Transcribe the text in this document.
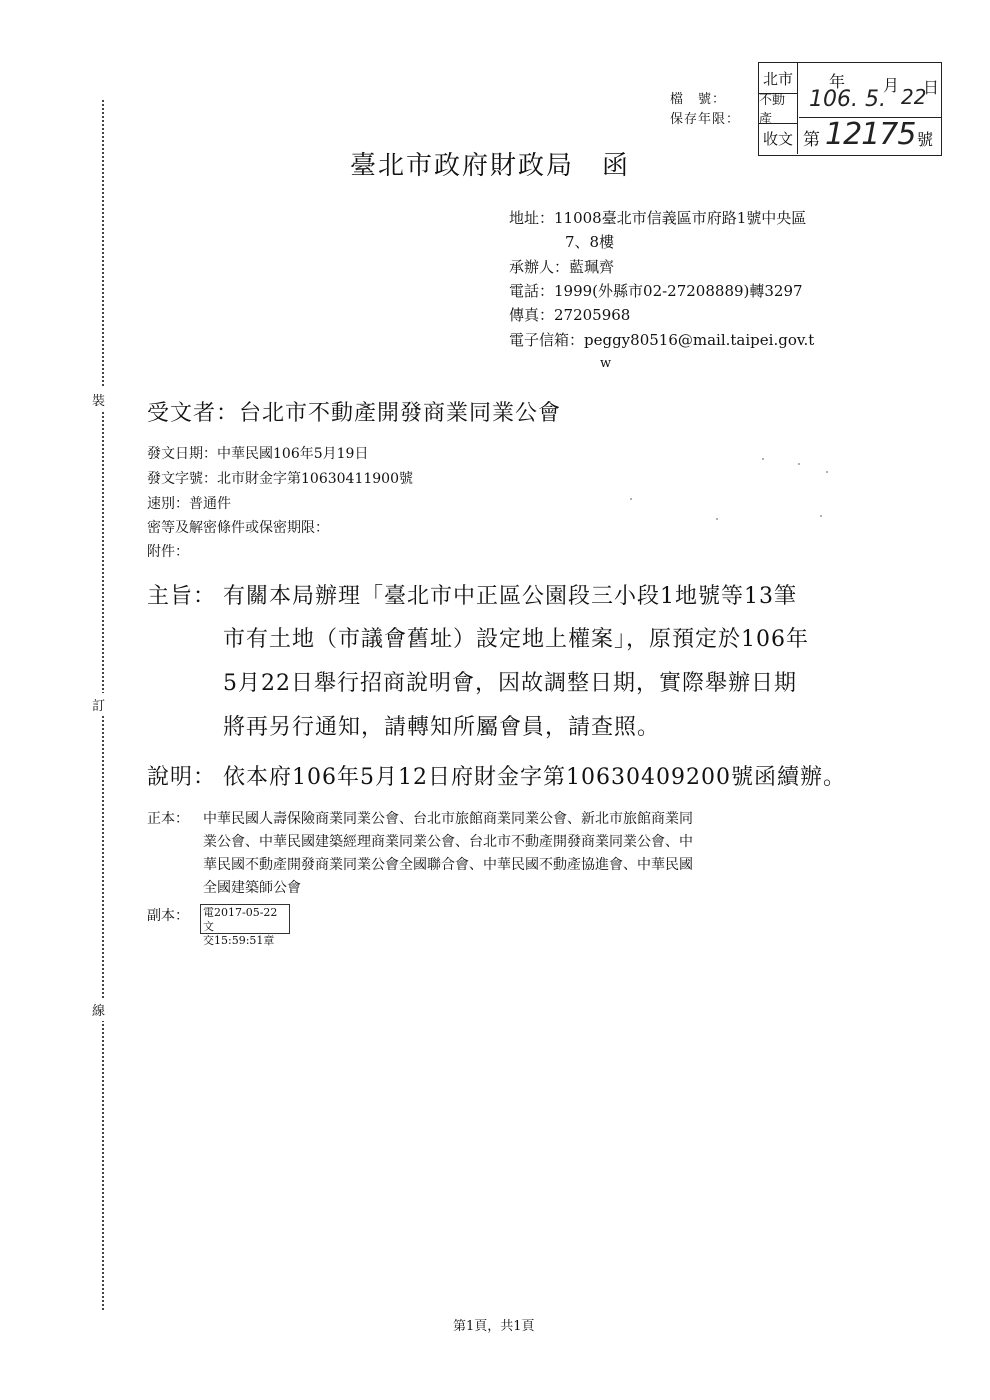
裝
訂
線
檔　號：
保存年限：
北市
不動產
收文
106.
年
5.
月 22
日
第 12175 號
臺北市政府財政局　函
地址：11008臺北市信義區市府路1號中央區
7、8樓
承辦人：藍珮齊
電話：1999(外縣市02-27208889)轉3297
傳真：27205968
電子信箱：peggy80516@mail.taipei.gov.t
w
受文者：台北市不動產開發商業同業公會
發文日期：中華民國106年5月19日
發文字號：北市財金字第10630411900號
速別：普通件
密等及解密條件或保密期限：
附件：
主旨： 有關本局辦理「臺北市中正區公園段三小段1地號等13筆
市有土地（市議會舊址）設定地上權案」，原預定於106年
5月22日舉行招商說明會，因故調整日期，實際舉辦日期
將再另行通知，請轉知所屬會員，請查照。
說明： 依本府106年5月12日府財金字第10630409200號函續辦。
正本： 中華民國人壽保險商業同業公會、台北市旅館商業同業公會、新北市旅館商業同
業公會、中華民國建築經理商業同業公會、台北市不動產開發商業同業公會、中
華民國不動產開發商業同業公會全國聯合會、中華民國不動產協進會、中華民國
全國建築師公會
副本： 電2017-05-22文
交15:59:51章
第1頁，共1頁
